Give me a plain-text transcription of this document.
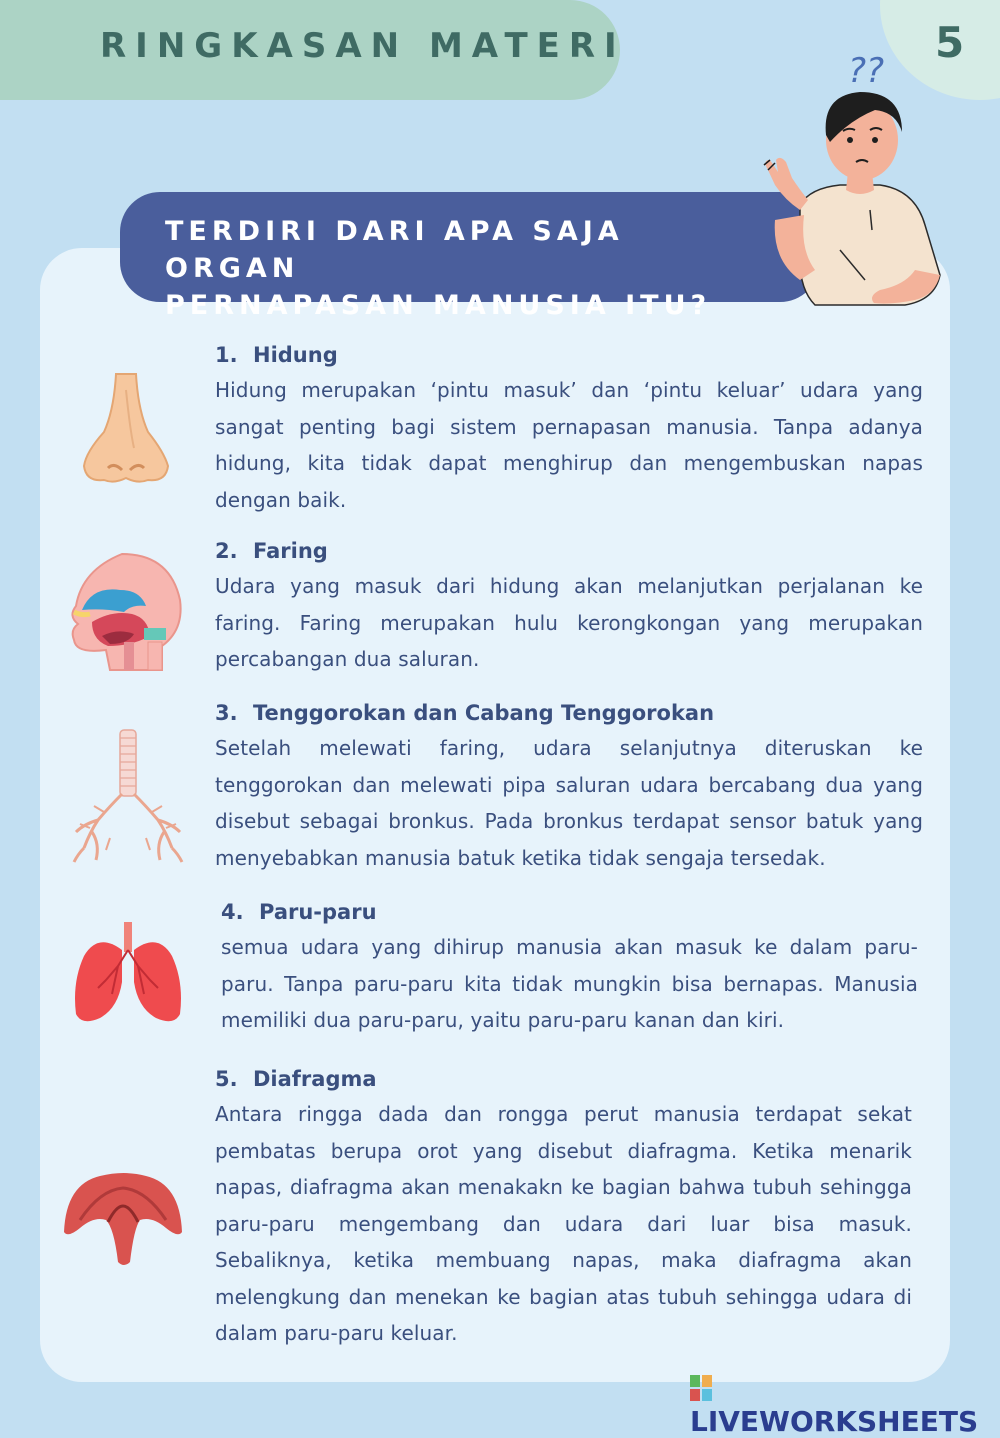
RINGKASAN MATERI	5
TERDIRI DARI APA SAJA ORGAN
PERNAPASAN MANUSIA ITU?
??
1. Hidung

Hidung merupakan ‘pintu masuk’ dan ‘pintu keluar’ udara yang sangat penting bagi sistem pernapasan manusia. Tanpa adanya hidung, kita tidak dapat menghirup dan mengembuskan napas dengan baik.

2. Faring

Udara yang masuk dari hidung akan melanjutkan perjalanan ke faring. Faring merupakan hulu kerongkongan yang merupakan percabangan dua saluran.

3. Tenggorokan dan Cabang Tenggorokan

Setelah melewati faring, udara selanjutnya diteruskan ke tenggorokan dan melewati pipa saluran udara bercabang dua yang disebut sebagai bronkus. Pada bronkus terdapat sensor batuk yang menyebabkan manusia batuk ketika tidak sengaja tersedak.

4. Paru-paru

semua udara yang dihirup manusia akan masuk ke dalam paru-paru. Tanpa paru-paru kita tidak mungkin bisa bernapas. Manusia memiliki dua paru-paru, yaitu paru-paru kanan dan kiri.

5. Diafragma

Antara ringga dada dan rongga perut manusia terdapat sekat pembatas berupa orot yang disebut diafragma. Ketika menarik napas, diafragma akan menakakn ke bagian bahwa tubuh sehingga paru-paru mengembang dan udara dari luar bisa masuk. Sebaliknya, ketika membuang napas, maka diafragma akan melengkung dan menekan ke bagian atas tubuh sehingga udara di dalam paru-paru keluar.

LIVEWORKSHEETS
